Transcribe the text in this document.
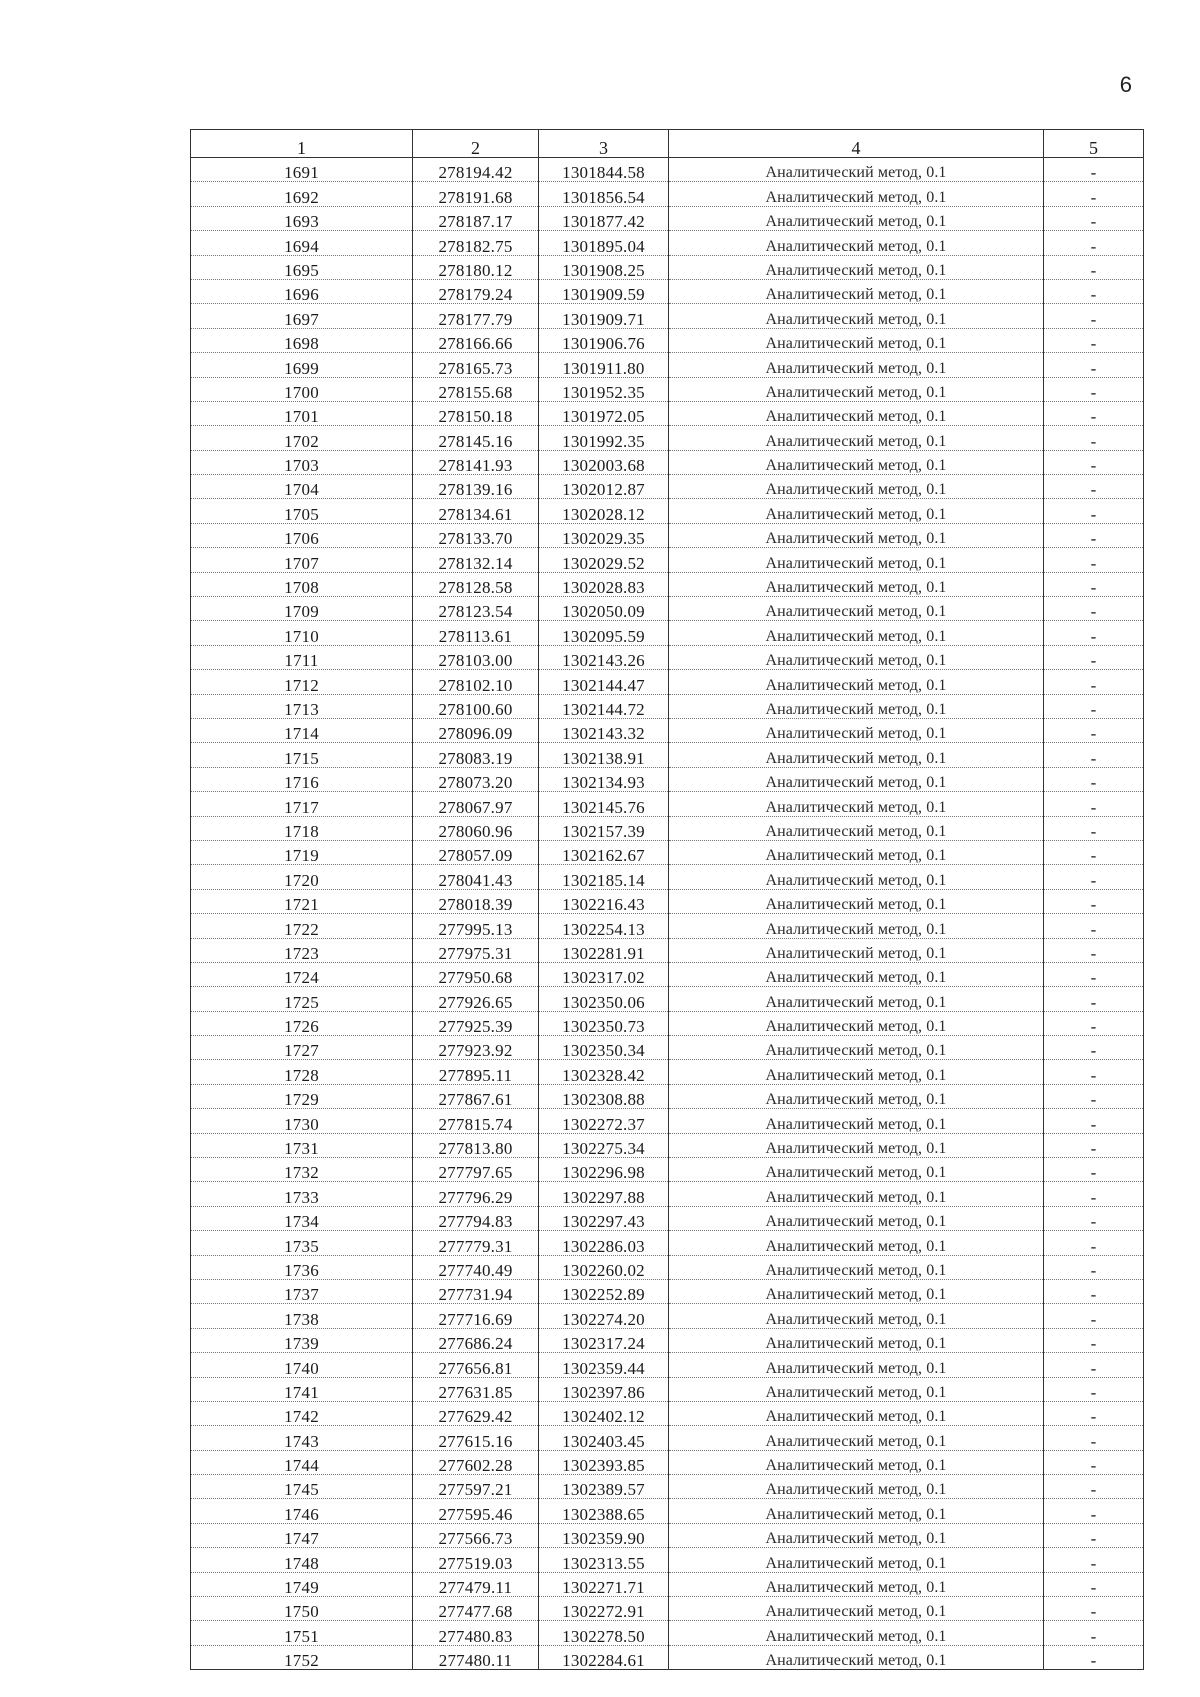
6
1	2	3	4	5
1691	278194.42	1301844.58	Аналитический метод, 0.1	-
1692	278191.68	1301856.54	Аналитический метод, 0.1	-
1693	278187.17	1301877.42	Аналитический метод, 0.1	-
1694	278182.75	1301895.04	Аналитический метод, 0.1	-
1695	278180.12	1301908.25	Аналитический метод, 0.1	-
1696	278179.24	1301909.59	Аналитический метод, 0.1	-
1697	278177.79	1301909.71	Аналитический метод, 0.1	-
1698	278166.66	1301906.76	Аналитический метод, 0.1	-
1699	278165.73	1301911.80	Аналитический метод, 0.1	-
1700	278155.68	1301952.35	Аналитический метод, 0.1	-
1701	278150.18	1301972.05	Аналитический метод, 0.1	-
1702	278145.16	1301992.35	Аналитический метод, 0.1	-
1703	278141.93	1302003.68	Аналитический метод, 0.1	-
1704	278139.16	1302012.87	Аналитический метод, 0.1	-
1705	278134.61	1302028.12	Аналитический метод, 0.1	-
1706	278133.70	1302029.35	Аналитический метод, 0.1	-
1707	278132.14	1302029.52	Аналитический метод, 0.1	-
1708	278128.58	1302028.83	Аналитический метод, 0.1	-
1709	278123.54	1302050.09	Аналитический метод, 0.1	-
1710	278113.61	1302095.59	Аналитический метод, 0.1	-
1711	278103.00	1302143.26	Аналитический метод, 0.1	-
1712	278102.10	1302144.47	Аналитический метод, 0.1	-
1713	278100.60	1302144.72	Аналитический метод, 0.1	-
1714	278096.09	1302143.32	Аналитический метод, 0.1	-
1715	278083.19	1302138.91	Аналитический метод, 0.1	-
1716	278073.20	1302134.93	Аналитический метод, 0.1	-
1717	278067.97	1302145.76	Аналитический метод, 0.1	-
1718	278060.96	1302157.39	Аналитический метод, 0.1	-
1719	278057.09	1302162.67	Аналитический метод, 0.1	-
1720	278041.43	1302185.14	Аналитический метод, 0.1	-
1721	278018.39	1302216.43	Аналитический метод, 0.1	-
1722	277995.13	1302254.13	Аналитический метод, 0.1	-
1723	277975.31	1302281.91	Аналитический метод, 0.1	-
1724	277950.68	1302317.02	Аналитический метод, 0.1	-
1725	277926.65	1302350.06	Аналитический метод, 0.1	-
1726	277925.39	1302350.73	Аналитический метод, 0.1	-
1727	277923.92	1302350.34	Аналитический метод, 0.1	-
1728	277895.11	1302328.42	Аналитический метод, 0.1	-
1729	277867.61	1302308.88	Аналитический метод, 0.1	-
1730	277815.74	1302272.37	Аналитический метод, 0.1	-
1731	277813.80	1302275.34	Аналитический метод, 0.1	-
1732	277797.65	1302296.98	Аналитический метод, 0.1	-
1733	277796.29	1302297.88	Аналитический метод, 0.1	-
1734	277794.83	1302297.43	Аналитический метод, 0.1	-
1735	277779.31	1302286.03	Аналитический метод, 0.1	-
1736	277740.49	1302260.02	Аналитический метод, 0.1	-
1737	277731.94	1302252.89	Аналитический метод, 0.1	-
1738	277716.69	1302274.20	Аналитический метод, 0.1	-
1739	277686.24	1302317.24	Аналитический метод, 0.1	-
1740	277656.81	1302359.44	Аналитический метод, 0.1	-
1741	277631.85	1302397.86	Аналитический метод, 0.1	-
1742	277629.42	1302402.12	Аналитический метод, 0.1	-
1743	277615.16	1302403.45	Аналитический метод, 0.1	-
1744	277602.28	1302393.85	Аналитический метод, 0.1	-
1745	277597.21	1302389.57	Аналитический метод, 0.1	-
1746	277595.46	1302388.65	Аналитический метод, 0.1	-
1747	277566.73	1302359.90	Аналитический метод, 0.1	-
1748	277519.03	1302313.55	Аналитический метод, 0.1	-
1749	277479.11	1302271.71	Аналитический метод, 0.1	-
1750	277477.68	1302272.91	Аналитический метод, 0.1	-
1751	277480.83	1302278.50	Аналитический метод, 0.1	-
1752	277480.11	1302284.61	Аналитический метод, 0.1	-
